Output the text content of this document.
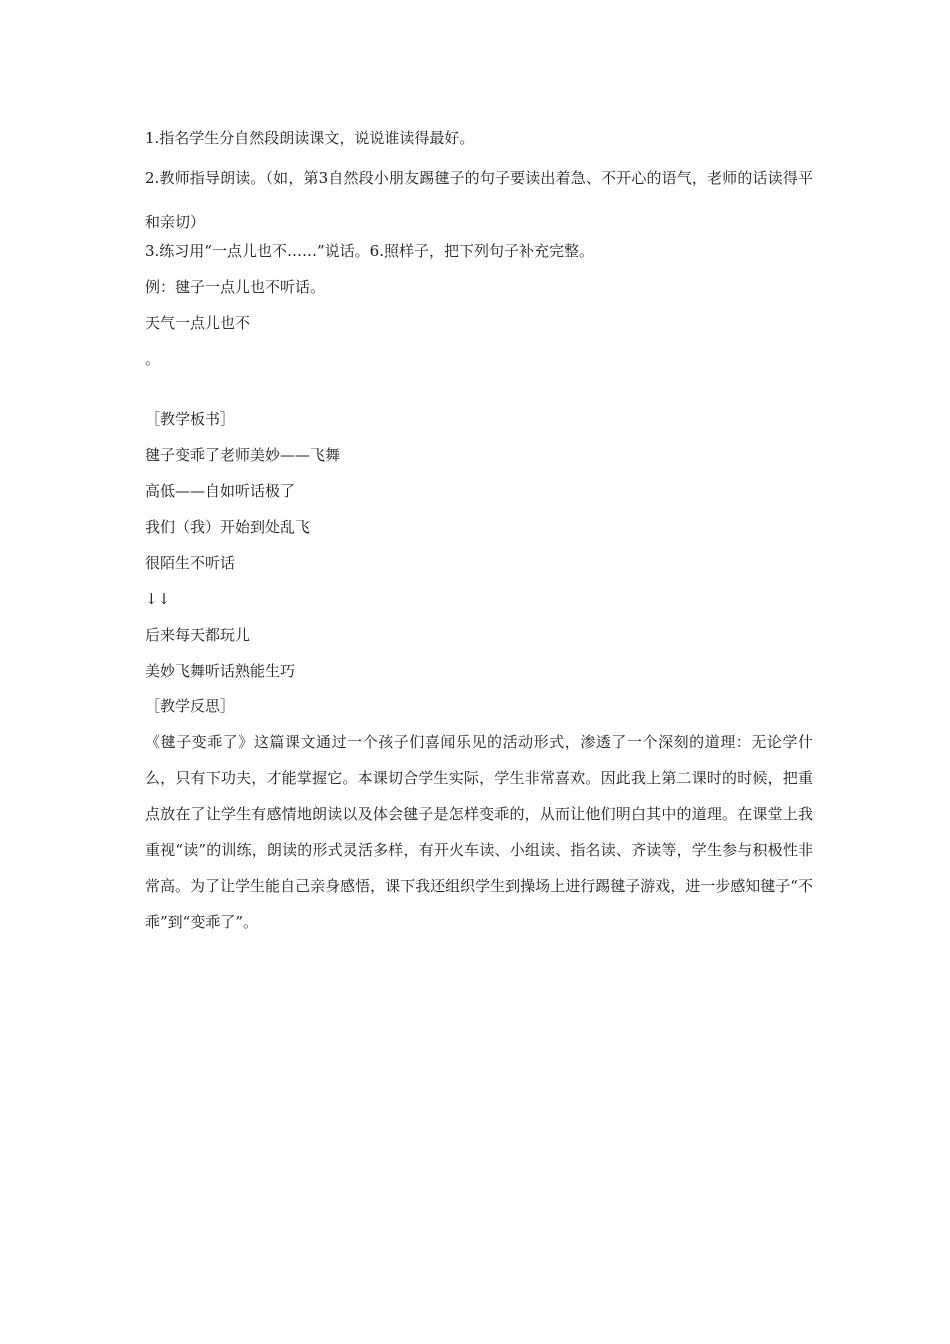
1.指名学生分自然段朗读课文，说说谁读得最好。
2.教师指导朗读。（如，第3自然段小朋友踢毽子的句子要读出着急、不开心的语气，老师的话读得平和亲切）
3.练习用“一点儿也不……”说话。6.照样子，把下列句子补充完整。
例：毽子一点儿也不听话。
天气一点儿也不
。
［教学板书］
毽子变乖了老师美妙——飞舞
高低——自如听话极了
我们（我）开始到处乱飞
很陌生不听话
↓↓
后来每天都玩儿
美妙飞舞听话熟能生巧
［教学反思］
《毽子变乖了》这篇课文通过一个孩子们喜闻乐见的活动形式，渗透了一个深刻的道理：无论学什么，只有下功夫，才能掌握它。本课切合学生实际，学生非常喜欢。因此我上第二课时的时候，把重点放在了让学生有感情地朗读以及体会毽子是怎样变乖的，从而让他们明白其中的道理。在课堂上我重视“读”的训练，朗读的形式灵活多样，有开火车读、小组读、指名读、齐读等，学生参与积极性非常高。为了让学生能自己亲身感悟，课下我还组织学生到操场上进行踢毽子游戏，进一步感知毽子“不乖”到“变乖了”。
